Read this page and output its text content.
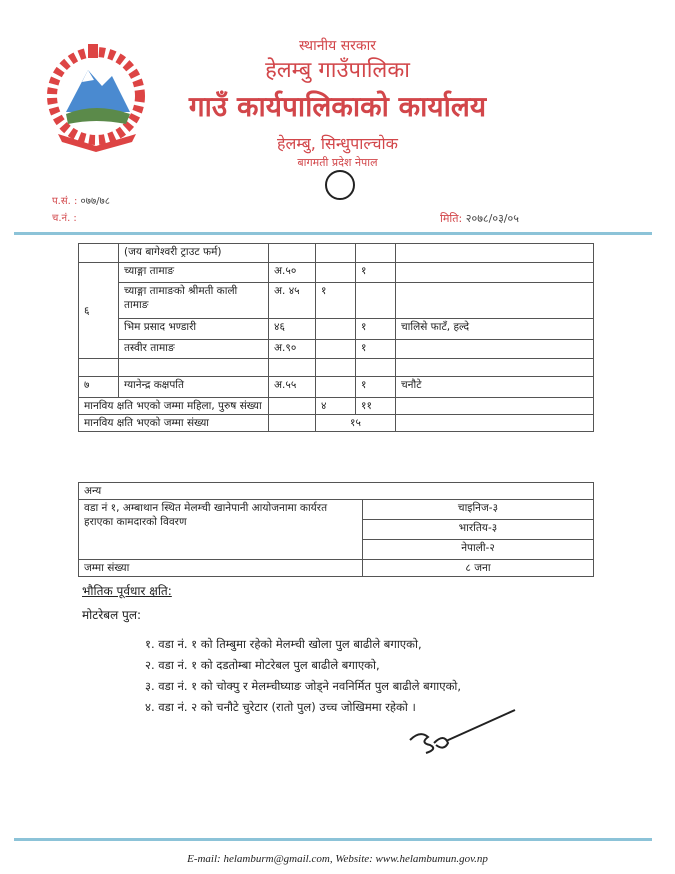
स्थानीय सरकार
हेलम्बु गाउँपालिका
गाउँ कार्यपालिकाको कार्यालय
हेलम्बु, सिन्धुपाल्चोक
बागमती प्रदेश नेपाल
प.सं. : ०७७/७८
च.नं. :	मिति: २०७८/०३/०५
	(जय बागेश्वरी ट्राउट फर्म)				
६	च्याङ्गा तामाङ	अ.५०		१	
	च्याङ्गा तामाङको श्रीमती काली तामाङ	अ. ४५	१		
	भिम प्रसाद भण्डारी	४६		१	चालिसे फाटँ, हल्दे
	तस्वीर तामाङ	अ.९०		१	

७	ग्यानेन्द्र कक्षपति	अ.५५		१	चनौटे
मानविय क्षति भएको जम्मा महिला, पुरुष संख्या			४	११	
मानविय क्षति भएको जम्मा संख्या			१५		
अन्य	
वडा नं १, अम्बाथान स्थित मेलम्ची खानेपानी आयोजनामा कार्यरत हराएका कामदारको विवरण	चाइनिज-३
	भारतिय-३
	नेपाली-२
जम्मा संख्या	८ जना
भौतिक पूर्वधार क्षति:
मोटरेबल पुल:
१. वडा नं. १ को तिम्बुमा रहेको मेलम्ची खोला पुल बाढीले बगाएको,
२. वडा नं. १ को दडतोम्बा मोटरेबल पुल बाढीले बगाएको,
३. वडा नं. १ को चोक्पु र मेलम्चीघ्याङ जोड्ने नवनिर्मित पुल बाढीले बगाएको,
४. वडा नं. २ को चनौटे चुरेटार (रातो पुल) उच्च जोखिममा रहेको ।
E-mail: helamburm@gmail.com, Website: www.helambumun.gov.np
